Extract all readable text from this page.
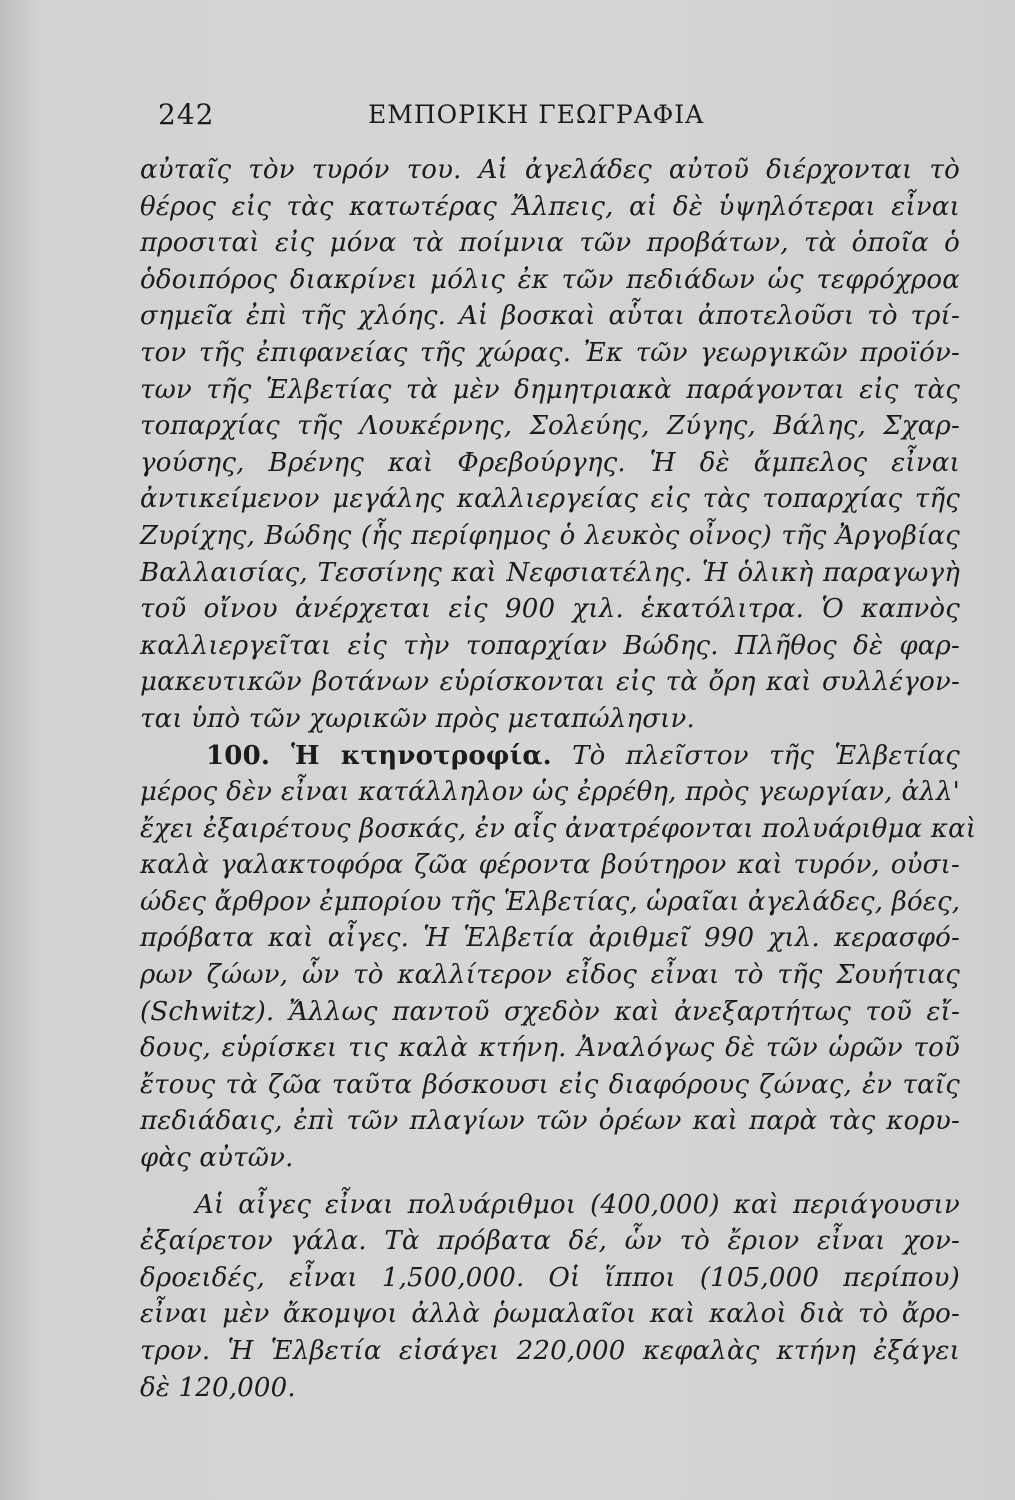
242	ΕΜΠΟΡΙΚΗ ΓΕΩΓΡΑΦΙΑ
αὐταῖς τὸν τυρόν του. Αἱ ἀγελάδες αὐτοῦ διέρχονται τὸ
θέρος εἰς τὰς κατωτέρας Ἄλπεις, αἱ δὲ ὑψηλότεραι εἶναι
προσιταὶ εἰς μόνα τὰ ποίμνια τῶν προβάτων, τὰ ὁποῖα ὁ
ὁδοιπόρος διακρίνει μόλις ἐκ τῶν πεδιάδων ὡς τεφρόχροα
σημεῖα ἐπὶ τῆς χλόης. Αἱ βοσκαὶ αὗται ἀποτελοῦσι τὸ τρί-
τον τῆς ἐπιφανείας τῆς χώρας. Ἐκ τῶν γεωργικῶν προϊόν-
των τῆς Ἑλβετίας τὰ μὲν δημητριακὰ παράγονται εἰς τὰς
τοπαρχίας τῆς Λουκέρνης, Σολεύης, Ζύγης, Βάλης, Σχαρ-
γούσης, Βρένης καὶ Φρεβούργης. Ἡ δὲ ἄμπελος εἶναι
ἀντικείμενον μεγάλης καλλιεργείας εἰς τὰς τοπαρχίας τῆς
Ζυρίχης, Βώδης (ἧς περίφημος ὁ λευκὸς οἶνος) τῆς Ἀργοβίας
Βαλλαισίας, Τεσσίνης καὶ Νεφσιατέλης. Ἡ ὁλικὴ παραγωγὴ
τοῦ οἴνου ἀνέρχεται εἰς 900 χιλ. ἑκατόλιτρα. Ὁ καπνὸς
καλλιεργεῖται εἰς τὴν τοπαρχίαν Βώδης. Πλῆθος δὲ φαρ-
μακευτικῶν βοτάνων εὑρίσκονται εἰς τὰ ὄρη καὶ συλλέγον-
ται ὑπὸ τῶν χωρικῶν πρὸς μεταπώλησιν.
100. Ἡ κτηνοτροφία. Τὸ πλεῖστον τῆς Ἑλβετίας
μέρος δὲν εἶναι κατάλληλον ὡς ἐρρέθη, πρὸς γεωργίαν, ἀλλ'
ἔχει ἐξαιρέτους βοσκάς, ἐν αἷς ἀνατρέφονται πολυάριθμα καὶ
καλὰ γαλακτοφόρα ζῶα φέροντα βούτηρον καὶ τυρόν, οὐσι-
ώδες ἄρθρον ἐμπορίου τῆς Ἑλβετίας, ὡραῖαι ἀγελάδες, βόες,
πρόβατα καὶ αἶγες. Ἡ Ἑλβετία ἀριθμεῖ 990 χιλ. κερασφό-
ρων ζώων, ὧν τὸ καλλίτερον εἶδος εἶναι τὸ τῆς Σουήτιας
(Schwitz). Ἄλλως παντοῦ σχεδὸν καὶ ἀνεξαρτήτως τοῦ εἴ-
δους, εὑρίσκει τις καλὰ κτήνη. Ἀναλόγως δὲ τῶν ὡρῶν τοῦ
ἔτους τὰ ζῶα ταῦτα βόσκουσι εἰς διαφόρους ζώνας, ἐν ταῖς
πεδιάδαις, ἐπὶ τῶν πλαγίων τῶν ὀρέων καὶ παρὰ τὰς κορυ-
φὰς αὐτῶν.
Αἱ αἶγες εἶναι πολυάριθμοι (400,000) καὶ περιάγουσιν
ἐξαίρετον γάλα. Τὰ πρόβατα δέ, ὧν τὸ ἔριον εἶναι χον-
δροειδές, εἶναι 1,500,000. Οἱ ἵπποι (105,000 περίπου)
εἶναι μὲν ἄκομψοι ἀλλὰ ῥωμαλαῖοι καὶ καλοὶ διὰ τὸ ἄρο-
τρον. Ἡ Ἑλβετία εἰσάγει 220,000 κεφαλὰς κτήνη ἐξάγει
δὲ 120,000.
